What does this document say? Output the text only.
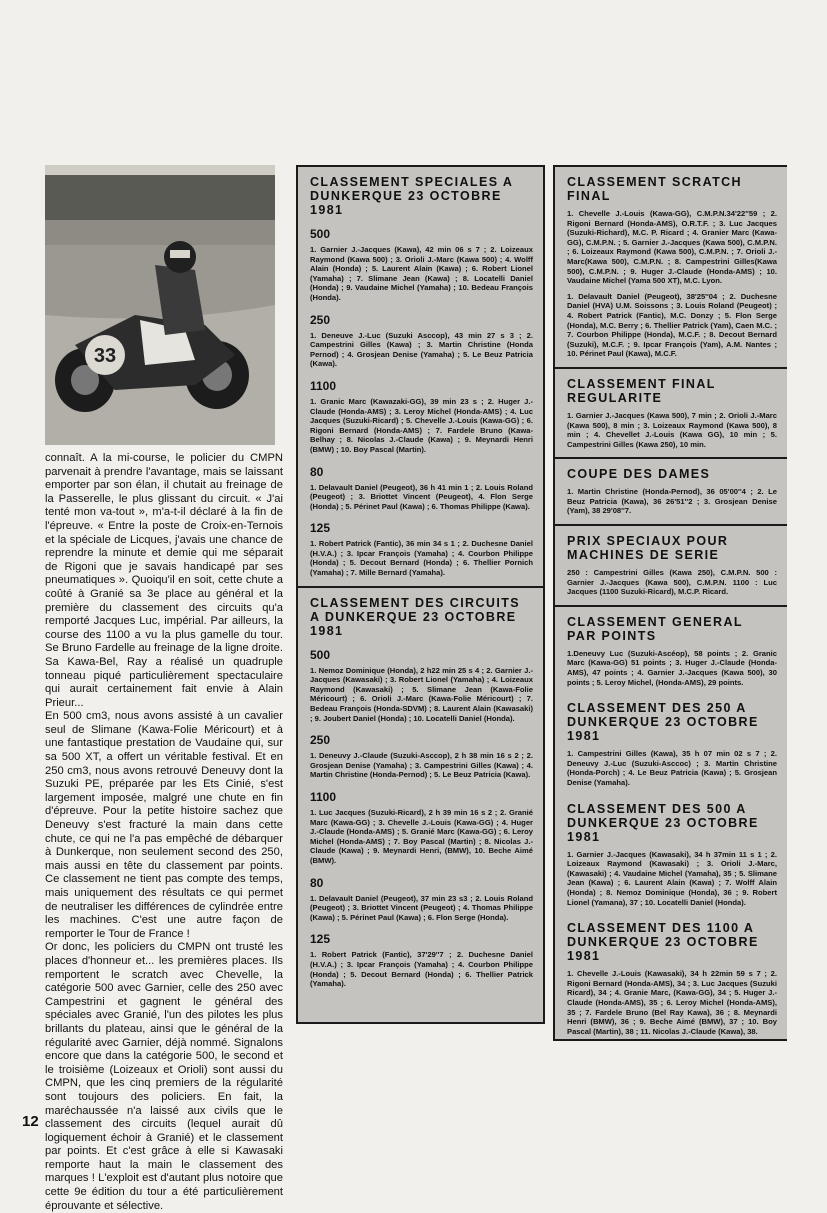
33

connaît. A la mi-course, le policier du CMPN parvenait à prendre l'avantage, mais se laissant emporter par son élan, il chutait au freinage de la Passerelle, le plus glissant du circuit. « J'ai tenté mon va-tout », m'a-t-il déclaré à la fin de l'épreuve. « Entre la poste de Croix-en-Ternois et la spéciale de Licques, j'avais une chance de reprendre la minute et demie qui me séparait de Rigoni que je savais handicapé par ses pneumatiques ». Quoiqu'il en soit, cette chute a coûté à Granié sa 3e place au général et la première du classement des circuits qu'a remporté Jacques Luc, impérial. Par ailleurs, la course des 1100 a vu la plus gamelle du tour. Se Bruno Fardelle au freinage de la ligne droite. Sa Kawa-Bel, Ray a réalisé un quadruple tonneau piqué particulièrement spectaculaire qui aurait certainement fait envie à Alain Prieur...

En 500 cm3, nous avons assisté à un cavalier seul de Slimane (Kawa-Folie Méricourt) et à une fantastique prestation de Vaudaine qui, sur sa 500 XT, a offert un véritable festival. Et en 250 cm3, nous avons retrouvé Deneuvy dont la Suzuki PE, préparée par les Ets Cinié, s'est largement imposée, malgré une chute en fin d'épreuve. Pour la petite histoire sachez que Deneuvy s'est fracturé la main dans cette chute, ce qui ne l'a pas empêché de débarquer à Dunkerque, non seulement second des 250, mais aussi en tête du classement par points. Ce classement ne tient pas compte des temps, mais uniquement des résultats ce qui permet de neutraliser les différences de cylindrée entre les machines. C'est une autre façon de remporter le Tour de France !

Or donc, les policiers du CMPN ont trusté les places d'honneur et... les premières places. Ils remportent le scratch avec Chevelle, la catégorie 500 avec Garnier, celle des 250 avec Campestrini et gagnent le général des spéciales avec Granié, l'un des pilotes les plus brillants du plateau, ainsi que le général de la régularité avec Garnier, déjà nommé. Signalons encore que dans la catégorie 500, le second et le troisième (Loizeaux et Orioli) sont aussi du CMPN, que les cinq premiers de la régularité sont toujours des policiers. En fait, la maréchaussée n'a laissé aux civils que le classement des circuits (lequel aurait dû logiquement échoir à Granié) et le classement par points. Et c'est grâce à elle si Kawasaki remporte haut la main le classement des marques ! L'exploit est d'autant plus notoire que cette 9e édition du tour a été particulièrement éprouvante et sélective.

12
CLASSEMENT SPECIALES A DUNKERQUE 23 OCTOBRE 1981
500
1. Garnier J.-Jacques (Kawa), 42 min 06 s 7 ; 2. Loizeaux Raymond (Kawa 500) ; 3. Orioli J.-Marc (Kawa 500) ; 4. Wolff Alain (Honda) ; 5. Laurent Alain (Kawa) ; 6. Robert Lionel (Yamaha) ; 7. Slimane Jean (Kawa) ; 8. Locatelli Daniel (Honda) ; 9. Vaudaine Michel (Yamaha) ; 10. Bedeau François (Honda).
250
1. Deneuve J.-Luc (Suzuki Asccop), 43 min 27 s 3 ; 2. Campestrini Gilles (Kawa) ; 3. Martin Christine (Honda Pernod) ; 4. Grosjean Denise (Yamaha) ; 5. Le Beuz Patricia (Kawa).
1100
1. Granic Marc (Kawazaki-GG), 39 min 23 s ; 2. Huger J.-Claude (Honda-AMS) ; 3. Leroy Michel (Honda-AMS) ; 4. Luc Jacques (Suzuki-Ricard) ; 5. Chevelle J.-Louis (Kawa-GG) ; 6. Rigoni Bernard (Honda-AMS) ; 7. Fardele Bruno (Kawa-Belhay ; 8. Nicolas J.-Claude (Kawa) ; 9. Meynardi Henri (BMW) ; 10. Boy Pascal (Martin).
80
1. Delavault Daniel (Peugeot), 36 h 41 min 1 ; 2. Louis Roland (Peugeot) ; 3. Briottet Vincent (Peugeot), 4. Flon Serge (Honda) ; 5. Périnet Paul (Kawa) ; 6. Thomas Philippe (Kawa).
125
1. Robert Patrick (Fantic), 36 min 34 s 1 ; 2. Duchesne Daniel (H.V.A.) ; 3. Ipcar François (Yamaha) ; 4. Courbon Philippe (Honda) ; 5. Decout Bernard (Honda) ; 6. Thellier Pornich (Yamaha) ; 7. Mille Bernard (Yamaha).
CLASSEMENT DES CIRCUITS A DUNKERQUE 23 OCTOBRE 1981
500
1. Nemoz Dominique (Honda), 2 h22 min 25 s 4 ; 2. Garnier J.-Jacques (Kawasaki) ; 3. Robert Lionel (Yamaha) ; 4. Loizeaux Raymond (Kawasaki) ; 5. Slimane Jean (Kawa-Folie Méricourt) ; 6. Orioli J.-Marc (Kawa-Folie Méricourt) ; 7. Bedeau François (Honda-SDVM) ; 8. Laurent Alain (Kawasaki) ; 9. Joubert Daniel (Honda) ; 10. Locatelli Daniel (Honda).
250
1. Deneuvy J.-Claude (Suzuki-Asccop), 2 h 38 min 16 s 2 ; 2. Grosjean Denise (Yamaha) ; 3. Campestrini Gilles (Kawa) ; 4. Martin Christine (Honda-Pernod) ; 5. Le Beuz Patricia (Kawa).
1100
1. Luc Jacques (Suzuki-Ricard), 2 h 39 min 16 s 2 ; 2. Granié Marc (Kawa-GG) ; 3. Chevelle J.-Louis (Kawa-GG) ; 4. Huger J.-Claude (Honda-AMS) ; 5. Granié Marc (Kawa-GG) ; 6. Leroy Michel (Honda-AMS) ; 7. Boy Pascal (Martin) ; 8. Nicolas J.-Claude (Kawa) ; 9. Meynardi Henri, (BMW), 10. Beche Aimé (BMW).
80
1. Delavault Daniel (Peugeot), 37 min 23 s3 ; 2. Louis Roland (Peugeot) ; 3. Briottet Vincent (Peugeot) ; 4. Thomas Philippe (Kawa) ; 5. Périnet Paul (Kawa) ; 6. Flon Serge (Honda).
125
1. Robert Patrick (Fantic), 37'29''7 ; 2. Duchesne Daniel (H.V.A.) ; 3. Ipcar François (Yamaha) ; 4. Courbon Philippe (Honda) ; 5. Decout Bernard (Honda) ; 6. Thellier Patrick (Yamaha).
CLASSEMENT SCRATCH FINAL
1. Chevelle J.-Louis (Kawa-GG), C.M.P.N.34'22''59 ; 2. Rigoni Bernard (Honda-AMS), O.R.T.F. ; 3. Luc Jacques (Suzuki-Richard), M.C. P. Ricard ; 4. Granier Marc (Kawa-GG), C.M.P.N. ; 5. Garnier J.-Jacques (Kawa 500), C.M.P.N. ; 6. Loizeaux Raymond (Kawa 500), C.M.P.N. ; 7. Orioli J.-Marc(Kawa 500), C.M.P.N. ; 8. Campestrini Gilles(Kawa 500), C.M.P.N. ; 9. Huger J.-Claude (Honda-AMS) ; 10. Vaudaine Michel (Yama 500 XT), M.C. Lyon.
1. Delavault Daniel (Peugeot), 38'25''04 ; 2. Duchesne Daniel (HVA) U.M. Soissons ; 3. Louis Roland (Peugeot) ; 4. Robert Patrick (Fantic), M.C. Donzy ; 5. Flon Serge (Honda), M.C. Berry ; 6. Thellier Patrick (Yam), Caen M.C. ; 7. Courbon Philippe (Honda), M.C.F. ; 8. Decout Bernard (Suzuki), M.C.F. ; 9. Ipcar François (Yam), A.M. Nantes ; 10. Périnet Paul (Kawa), M.C.F.
CLASSEMENT FINAL REGULARITE
1. Garnier J.-Jacques (Kawa 500), 7 min ; 2. Orioli J.-Marc (Kawa 500), 8 min ; 3. Loizeaux Raymond (Kawa 500), 8 min ; 4. Chevellet J.-Louis (Kawa GG), 10 min ; 5. Campestrini Gilles (Kawa 250), 10 min.
COUPE DES DAMES
1. Martin Christine (Honda-Pernod), 36 05'00''4 ; 2. Le Beuz Patricia (Kawa), 36 26'51''2 ; 3. Grosjean Denise (Yam), 38 29'08''7.
PRIX SPECIAUX POUR MACHINES DE SERIE
250 : Campestrini Gilles (Kawa 250), C.M.P.N. 500 : Garnier J.-Jacques (Kawa 500), C.M.P.N. 1100 : Luc Jacques (1100 Suzuki-Ricard), M.C.P. Ricard.
CLASSEMENT GENERAL PAR POINTS
1.Deneuvy Luc (Suzuki-Ascéop), 58 points ; 2. Granic Marc (Kawa-GG) 51 points ; 3. Huger J.-Claude (Honda-AMS), 47 points ; 4. Garnier J.-Jacques (Kawa 500), 30 points ; 5. Leroy Michel, (Honda-AMS), 29 points.
CLASSEMENT DES 250 A DUNKERQUE 23 OCTOBRE 1981
1. Campestrini Gilles (Kawa), 35 h 07 min 02 s 7 ; 2. Deneuvy J.-Luc (Suzuki-Asccoc) ; 3. Martin Christine (Honda-Porch) ; 4. Le Beuz Patricia (Kawa) ; 5. Grosjean Denise (Yamaha).
CLASSEMENT DES 500 A DUNKERQUE 23 OCTOBRE 1981
1. Garnier J.-Jacques (Kawasaki), 34 h 37min 11 s 1 ; 2. Loizeaux Raymond (Kawasaki) ; 3. Orioli J.-Marc, (Kawasaki) ; 4. Vaudaine Michel (Yamaha), 35 ; 5. Slimane Jean (Kawa) ; 6. Laurent Alain (Kawa) ; 7. Wolff Alain (Honda) ; 8. Nemoz Dominique (Honda), 36 ; 9. Robert Lionel (Yamana), 37 ; 10. Locatelli Daniel (Honda).
CLASSEMENT DES 1100 A DUNKERQUE 23 OCTOBRE 1981
1. Chevelle J.-Louis (Kawasaki), 34 h 22min 59 s 7 ; 2. Rigoni Bernard (Honda-AMS), 34 ; 3. Luc Jacques (Suzuki Ricard), 34 ; 4. Granie Marc, (Kawa-GG), 34 ; 5. Huger J.-Claude (Honda-AMS), 35 ; 6. Leroy Michel (Honda-AMS), 35 ; 7. Fardele Bruno (Bel Ray Kawa), 36 ; 8. Meynardi Henri (BMW), 36 ; 9. Beche Aimé (BMW), 37 ; 10. Boy Pascal (Martin), 38 ; 11. Nicolas J.-Claude (Kawa), 38.
